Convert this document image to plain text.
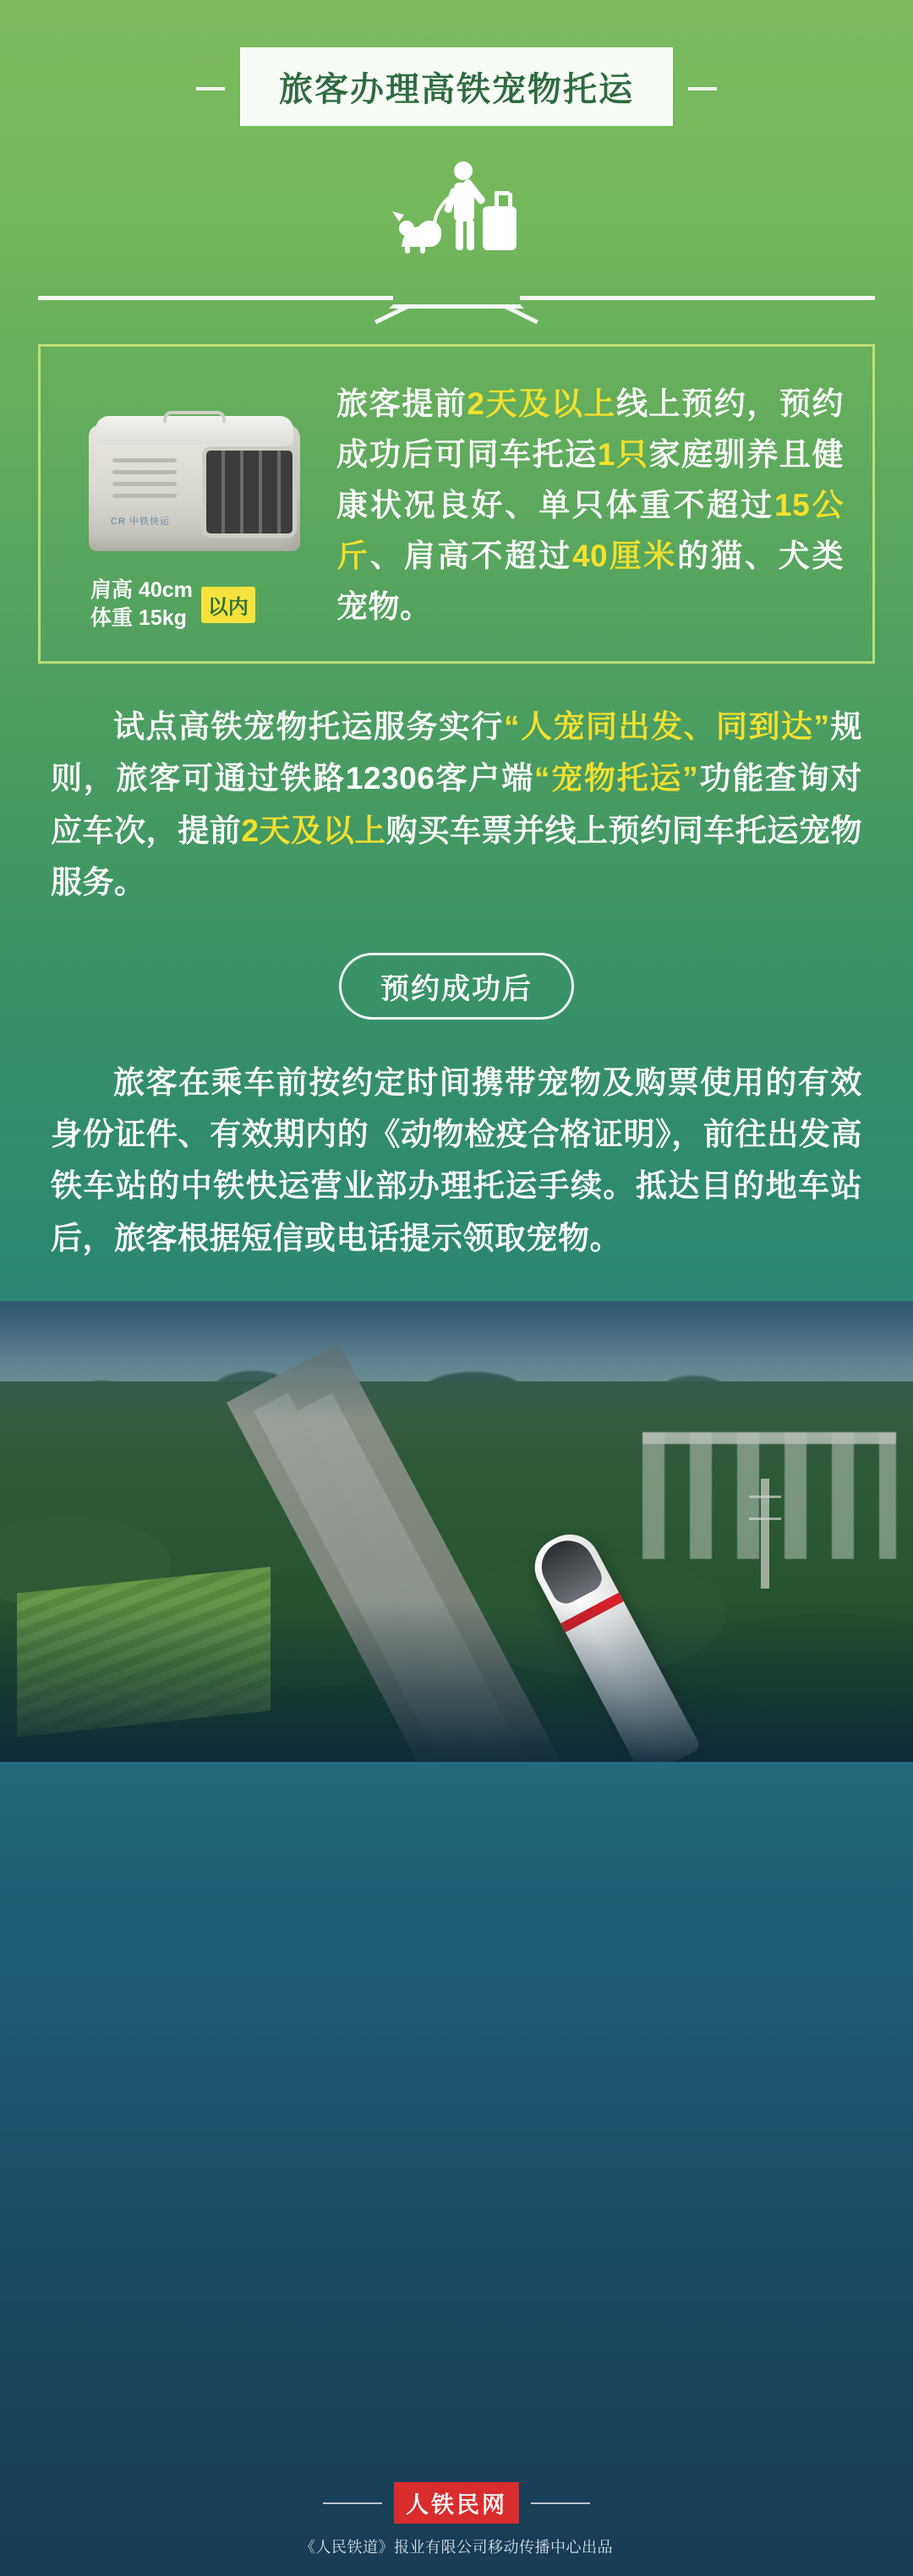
旅客办理高铁宠物托运
CR 中铁快运
肩高 40cm
体重 15kg	以内
旅客提前2天及以上线上预约，预约成功后可同车托运1只家庭驯养且健康状况良好、单只体重不超过15公斤、肩高不超过40厘米的猫、犬类宠物。
试点高铁宠物托运服务实行“人宠同出发、同到达”规则，旅客可通过铁路12306客户端“宠物托运”功能查询对应车次，提前2天及以上购买车票并线上预约同车托运宠物服务。
预约成功后
旅客在乘车前按约定时间携带宠物及购票使用的有效身份证件、有效期内的《动物检疫合格证明》，前往出发高铁车站的中铁快运营业部办理托运手续。抵达目的地车站后，旅客根据短信或电话提示领取宠物。
人铁民网
《人民铁道》报业有限公司移动传播中心出品
